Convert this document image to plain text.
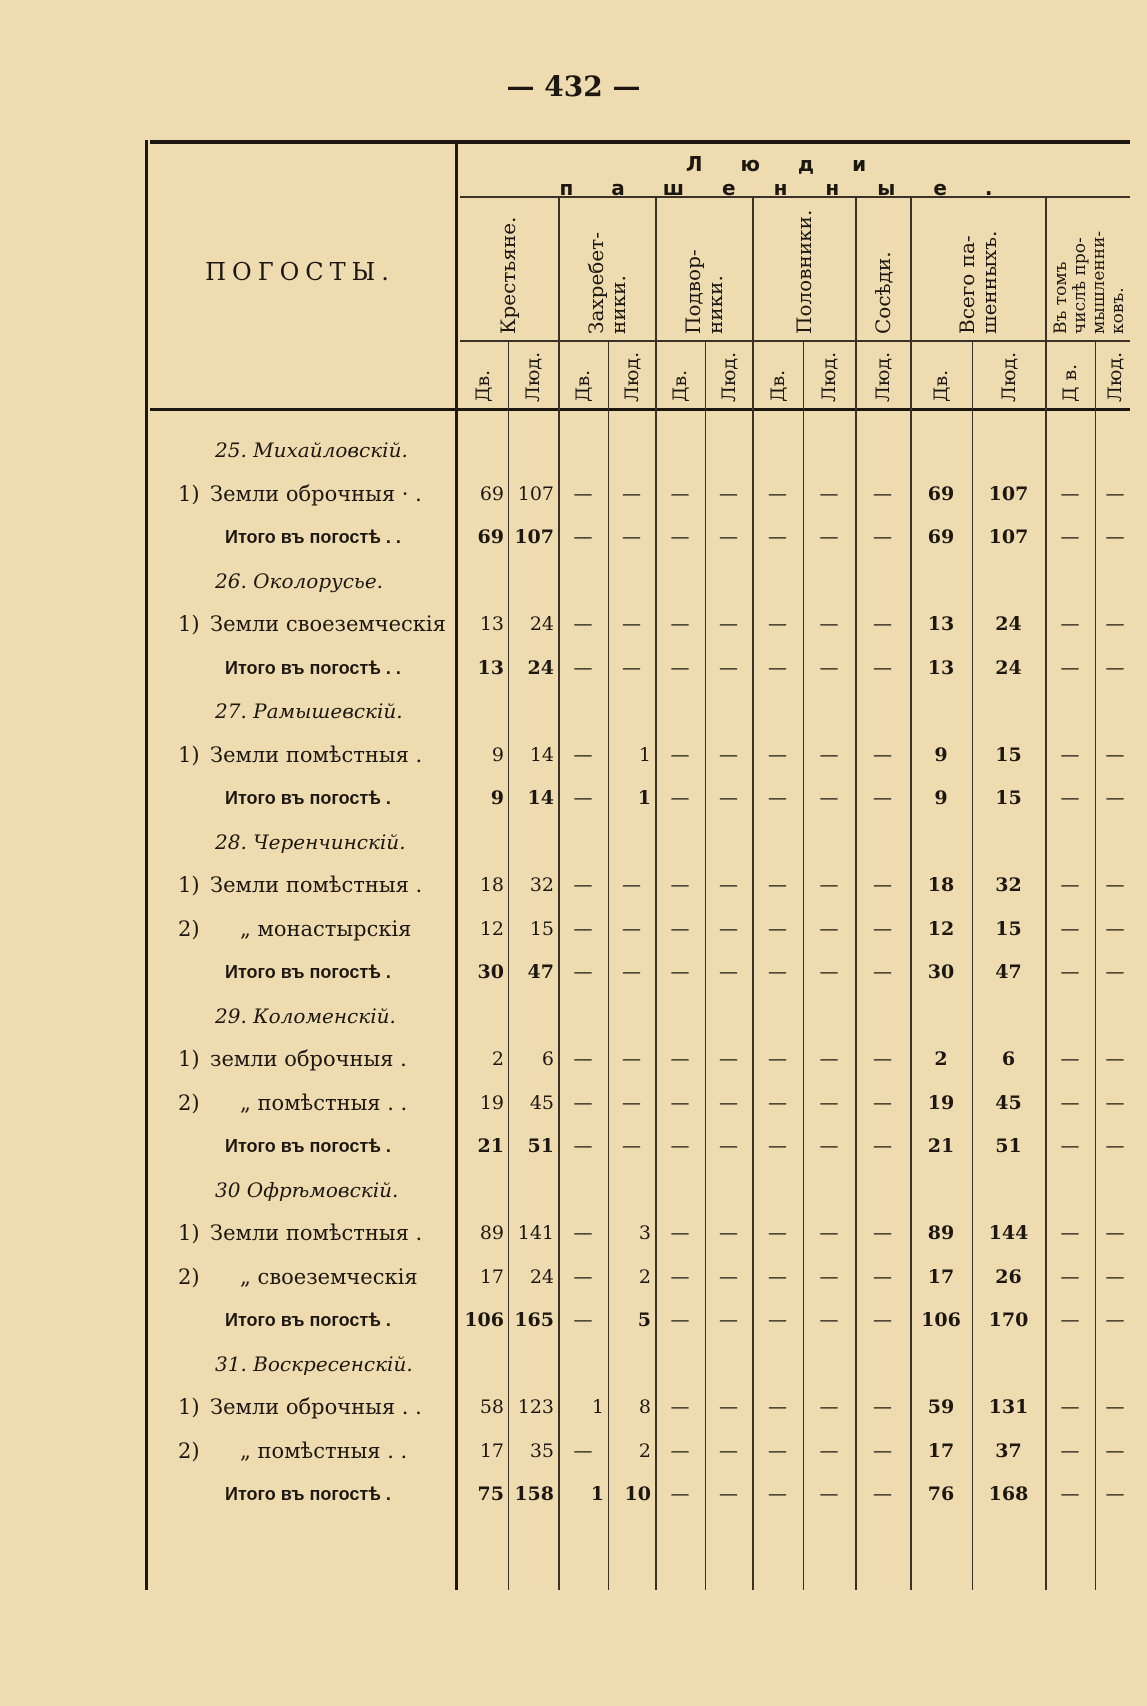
— 432 —
ПОГОСТЫ.
Люди пашенные.
Крестьяне.	Захребет-
ники.	Подвор-
ники.	Половники.	Сосѣди.	Всего па-
шенныхъ.	Въ томъ
числѣ про-
мышленни-
ковъ.
Дв. Люд. Дв. Люд. Дв. Люд. Дв. Люд. Люд. Дв. Люд. Д в. Люд.
25. Михайловскій.
1) Земли оброчныя · .	69 107	—	—	—	—	—	—	—	69	107	—	—
Итого въ погостѣ . .	69 107	—	—	—	—	—	—	—	69	107	—	—
26. Околорусье.
1) Земли своеземческія	13	24	—	—	—	—	—	—	—	13	24	—	—
Итого въ погостѣ . .	13	24	—	—	—	—	—	—	—	13	24	—	—
27. Рамышевскій.
1) Земли помѣстныя .	9	14	—	1	—	—	—	—	—	9	15	—	—
Итого въ погостѣ .	9	14	—	1	—	—	—	—	—	9	15	—	—
28. Черенчинскій.
1) Земли помѣстныя .	18	32	—	—	—	—	—	—	—	18	32	—	—
2) „ монастырскія	12	15	—	—	—	—	—	—	—	12	15	—	—
Итого въ погостѣ .	30	47	—	—	—	—	—	—	—	30	47	—	—
29. Коломенскій.
1) земли оброчныя .	2	6	—	—	—	—	—	—	—	2	6	—	—
2) „ помѣстныя . .	19	45	—	—	—	—	—	—	—	19	45	—	—
Итого въ погостѣ .	21	51	—	—	—	—	—	—	—	21	51	—	—
30 Офрѣмовскій.
1) Земли помѣстныя .	89 141	—	3	—	—	—	—	—	89	144	—	—
2) „ своеземческія	17	24	—	2	—	—	—	—	—	17	26	—	—
Итого въ погостѣ .	106 165	—	5	—	—	—	—	—	106	170	—	—
31. Воскресенскій.
1) Земли оброчныя . .	58 123	1	8	—	—	—	—	—	59	131	—	—
2) „ помѣстныя . .	17	35	—	2	—	—	—	—	—	17	37	—	—
Итого въ погостѣ .	75 158	1	10	—	—	—	—	—	76	168	—	—
